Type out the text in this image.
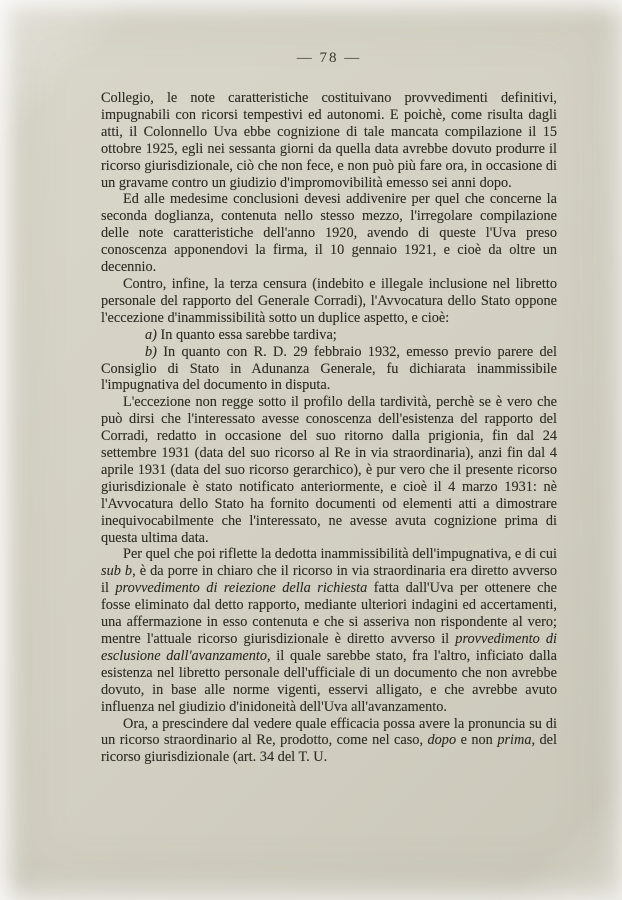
— 78 —

Collegio, le note caratteristiche costituivano provvedimenti definitivi, impugnabili con ricorsi tempestivi ed autonomi. E poichè, come risulta dagli atti, il Colonnello Uva ebbe cognizione di tale mancata compilazione il 15 ottobre 1925, egli nei sessanta giorni da quella data avrebbe dovuto produrre il ricorso giurisdizionale, ciò che non fece, e non può più fare ora, in occasione di un gravame contro un giudizio d'impromovibilità emesso sei anni dopo.

Ed alle medesime conclusioni devesi addivenire per quel che concerne la seconda doglianza, contenuta nello stesso mezzo, l'irregolare compilazione delle note caratteristiche dell'anno 1920, avendo di queste l'Uva preso conoscenza apponendovi la firma, il 10 gennaio 1921, e cioè da oltre un decennio.

Contro, infine, la terza censura (indebito e illegale inclusione nel libretto personale del rapporto del Generale Corradi), l'Avvocatura dello Stato oppone l'eccezione d'inammissibilità sotto un duplice aspetto, e cioè:

a) In quanto essa sarebbe tardiva;

b) In quanto con R. D. 29 febbraio 1932, emesso previo parere del Consiglio di Stato in Adunanza Generale, fu dichiarata inammissibile l'impugnativa del documento in disputa.

L'eccezione non regge sotto il profilo della tardività, perchè se è vero che può dirsi che l'interessato avesse conoscenza dell'esistenza del rapporto del Corradi, redatto in occasione del suo ritorno dalla prigionia, fin dal 24 settembre 1931 (data del suo ricorso al Re in via straordinaria), anzi fin dal 4 aprile 1931 (data del suo ricorso gerarchico), è pur vero che il presente ricorso giurisdizionale è stato notificato anteriormente, e cioè il 4 marzo 1931: nè l'Avvocatura dello Stato ha fornito documenti od elementi atti a dimostrare inequivocabilmente che l'interessato, ne avesse avuta cognizione prima di questa ultima data.

Per quel che poi riflette la dedotta inammissibilità dell'impugnativa, e di cui sub b, è da porre in chiaro che il ricorso in via straordinaria era diretto avverso il provvedimento di reiezione della richiesta fatta dall'Uva per ottenere che fosse eliminato dal detto rapporto, mediante ulteriori indagini ed accertamenti, una affermazione in esso contenuta e che si asseriva non rispondente al vero; mentre l'attuale ricorso giurisdizionale è diretto avverso il provvedimento di esclusione dall'avanzamento, il quale sarebbe stato, fra l'altro, inficiato dalla esistenza nel libretto personale dell'ufficiale di un documento che non avrebbe dovuto, in base alle norme vigenti, esservi alligato, e che avrebbe avuto influenza nel giudizio d'inidoneità dell'Uva all'avanzamento.

Ora, a prescindere dal vedere quale efficacia possa avere la pronuncia su di un ricorso straordinario al Re, prodotto, come nel caso, dopo e non prima, del ricorso giurisdizionale (art. 34 del T. U.
